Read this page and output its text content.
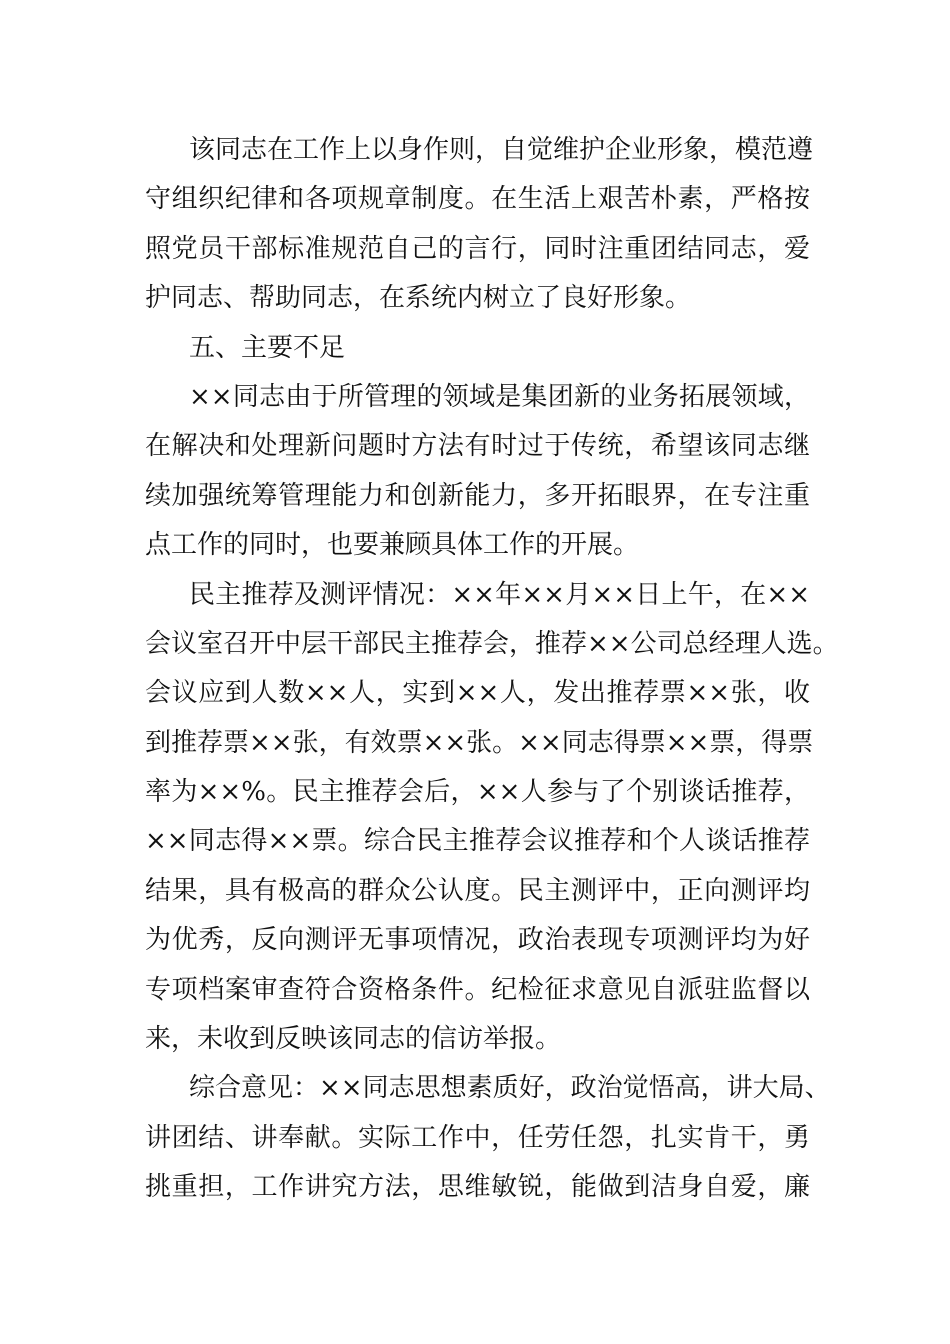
该同志在工作上以身作则，自觉维护企业形象，模范遵
守组织纪律和各项规章制度。在生活上艰苦朴素，严格按
照党员干部标准规范自己的言行，同时注重团结同志，爱
护同志、帮助同志，在系统内树立了良好形象。
五、主要不足
××同志由于所管理的领域是集团新的业务拓展领域，
在解决和处理新问题时方法有时过于传统，希望该同志继
续加强统筹管理能力和创新能力，多开拓眼界，在专注重
点工作的同时，也要兼顾具体工作的开展。
民主推荐及测评情况：××年××月××日上午，在××
会议室召开中层干部民主推荐会，推荐××公司总经理人选。
会议应到人数××人，实到××人，发出推荐票××张，收
到推荐票××张，有效票××张。××同志得票××票，得票
率为××%。民主推荐会后，××人参与了个别谈话推荐，
××同志得××票。综合民主推荐会议推荐和个人谈话推荐
结果，具有极高的群众公认度。民主测评中，正向测评均
为优秀，反向测评无事项情况，政治表现专项测评均为好
专项档案审查符合资格条件。纪检征求意见自派驻监督以
来，未收到反映该同志的信访举报。
综合意见：××同志思想素质好，政治觉悟高，讲大局、
讲团结、讲奉献。实际工作中，任劳任怨，扎实肯干，勇
挑重担，工作讲究方法，思维敏锐，能做到洁身自爱，廉
